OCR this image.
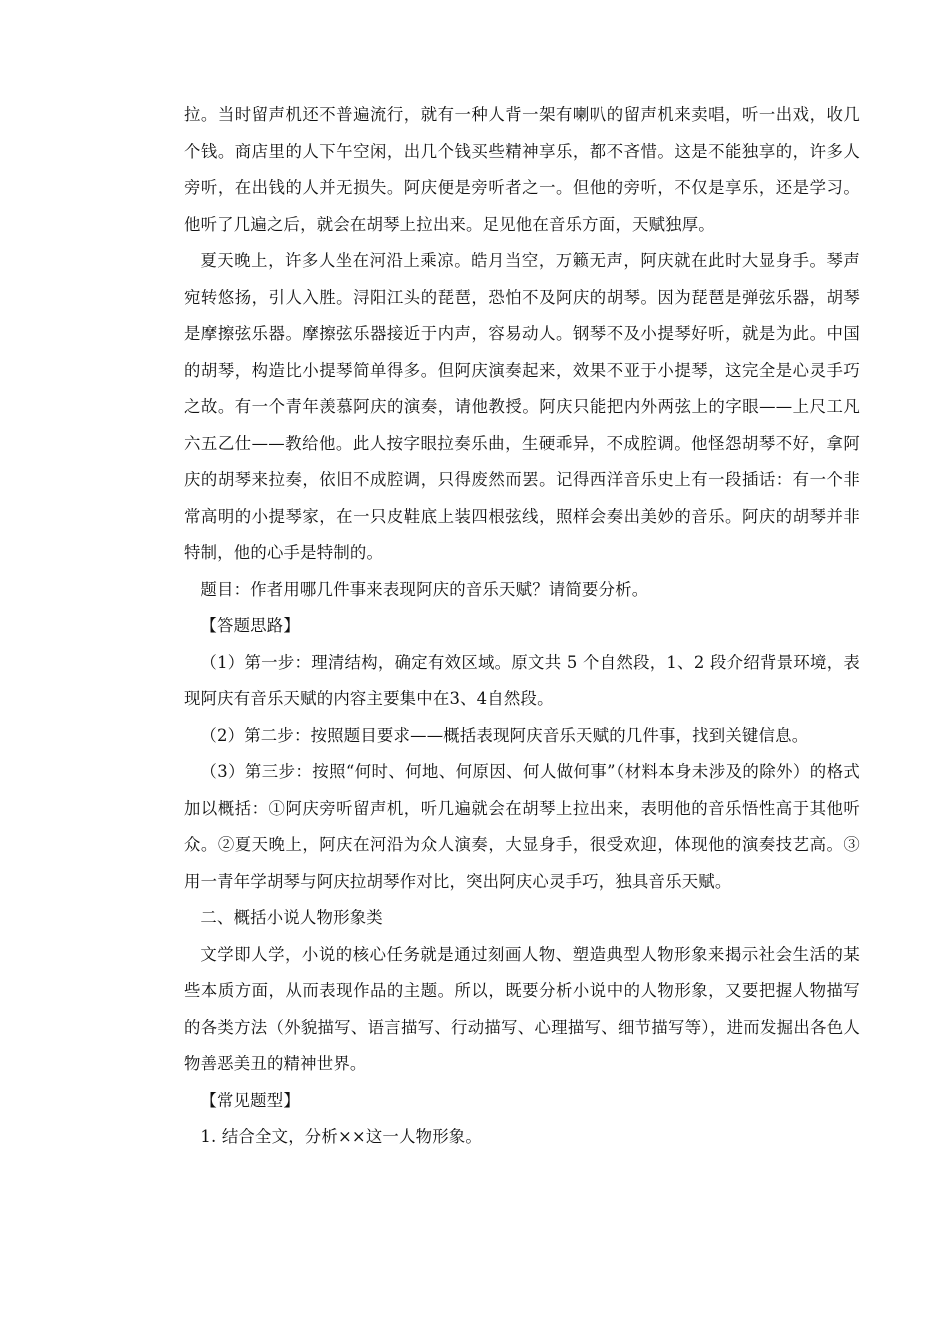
拉。当时留声机还不普遍流行，就有一种人背一架有喇叭的留声机来卖唱，听一出戏，收几个钱。商店里的人下午空闲，出几个钱买些精神享乐，都不吝惜。这是不能独享的，许多人旁听，在出钱的人并无损失。阿庆便是旁听者之一。但他的旁听，不仅是享乐，还是学习。他听了几遍之后，就会在胡琴上拉出来。足见他在音乐方面，天赋独厚。

夏天晚上，许多人坐在河沿上乘凉。皓月当空，万籁无声，阿庆就在此时大显身手。琴声宛转悠扬，引人入胜。浔阳江头的琵琶，恐怕不及阿庆的胡琴。因为琵琶是弹弦乐器，胡琴是摩擦弦乐器。摩擦弦乐器接近于内声，容易动人。钢琴不及小提琴好听，就是为此。中国的胡琴，构造比小提琴简单得多。但阿庆演奏起来，效果不亚于小提琴，这完全是心灵手巧之故。有一个青年羡慕阿庆的演奏，请他教授。阿庆只能把内外两弦上的字眼——上尺工凡六五乙仕——教给他。此人按字眼拉奏乐曲，生硬乖异，不成腔调。他怪怨胡琴不好，拿阿庆的胡琴来拉奏，依旧不成腔调，只得废然而罢。记得西洋音乐史上有一段插话：有一个非常高明的小提琴家，在一只皮鞋底上装四根弦线，照样会奏出美妙的音乐。阿庆的胡琴并非特制，他的心手是特制的。

题目：作者用哪几件事来表现阿庆的音乐天赋？请简要分析。

【答题思路】

（1）第一步：理清结构，确定有效区域。原文共 5 个自然段，1、2 段介绍背景环境，表现阿庆有音乐天赋的内容主要集中在3、4自然段。

（2）第二步：按照题目要求——概括表现阿庆音乐天赋的几件事，找到关键信息。

（3）第三步：按照“何时、何地、何原因、何人做何事”（材料本身未涉及的除外）的格式加以概括：①阿庆旁听留声机，听几遍就会在胡琴上拉出来，表明他的音乐悟性高于其他听众。②夏天晚上，阿庆在河沿为众人演奏，大显身手，很受欢迎，体现他的演奏技艺高。③用一青年学胡琴与阿庆拉胡琴作对比，突出阿庆心灵手巧，独具音乐天赋。

二、概括小说人物形象类

文学即人学，小说的核心任务就是通过刻画人物、塑造典型人物形象来揭示社会生活的某些本质方面，从而表现作品的主题。所以，既要分析小说中的人物形象，又要把握人物描写的各类方法（外貌描写、语言描写、行动描写、心理描写、细节描写等），进而发掘出各色人物善恶美丑的精神世界。

【常见题型】

1. 结合全文，分析××这一人物形象。
